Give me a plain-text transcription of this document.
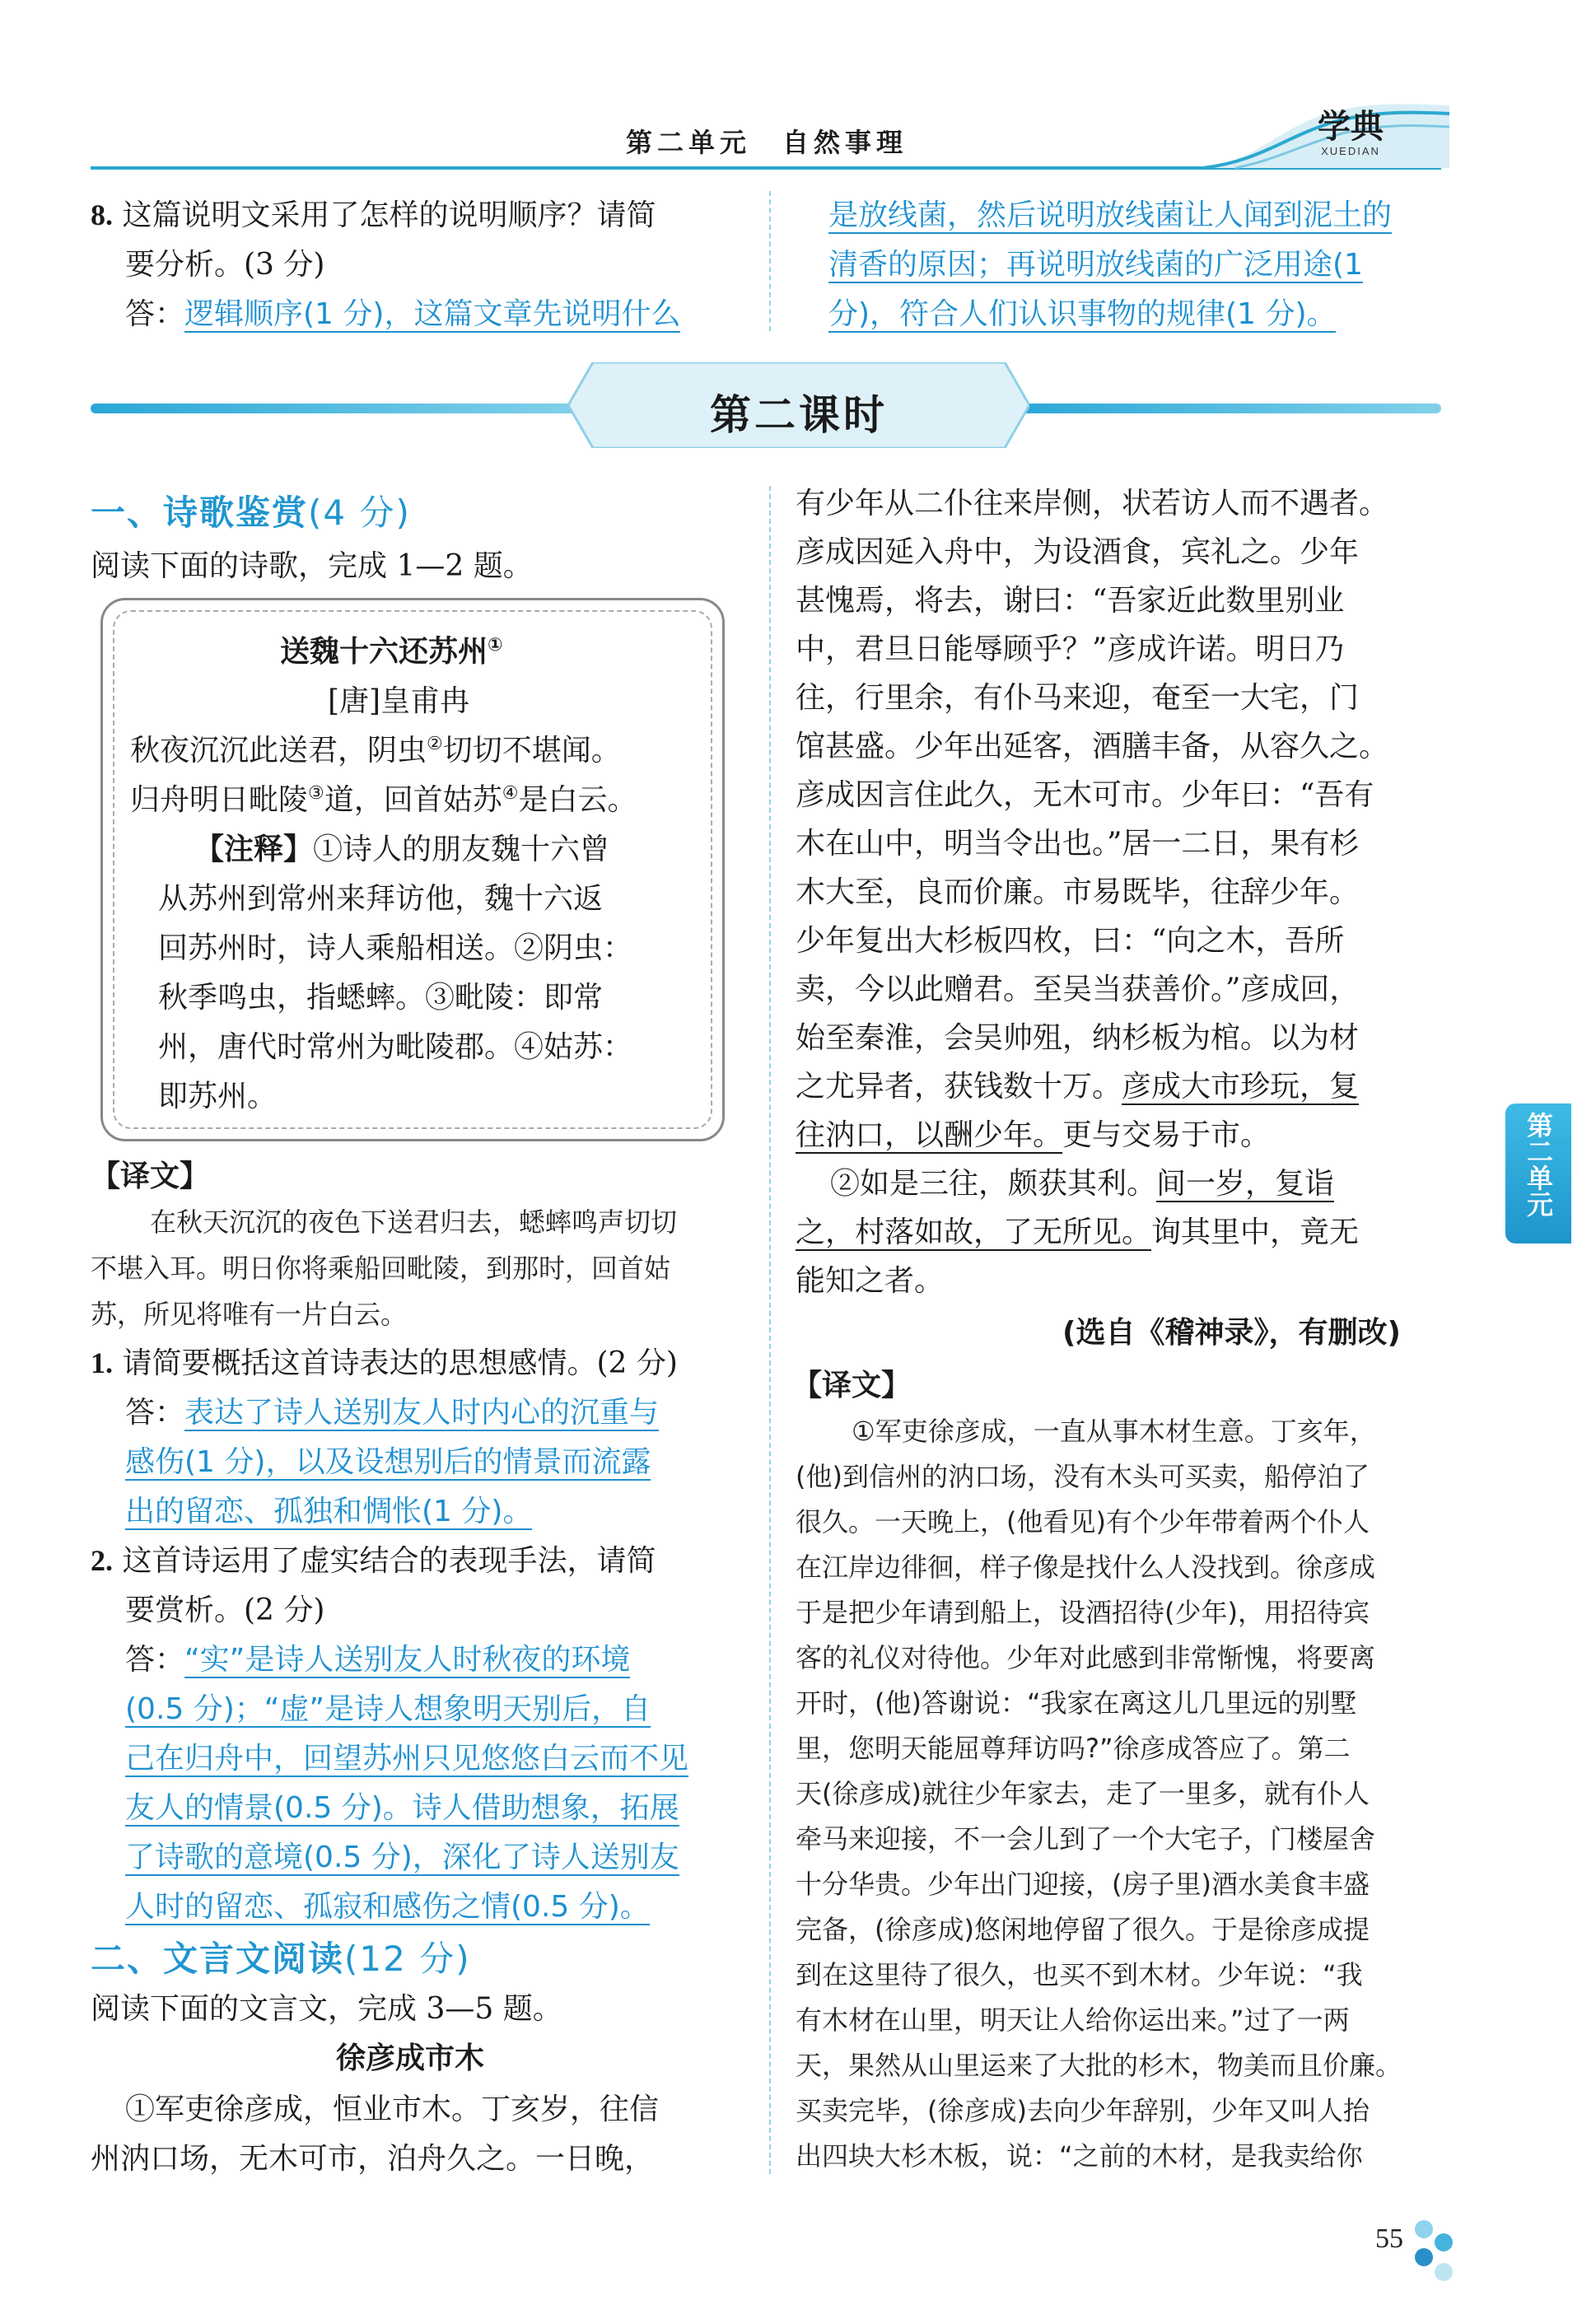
第二单元　自然事理	学典
XUEDIAN
8. 这篇说明文采用了怎样的说明顺序？请简
要分析。(3 分)
答：逻辑顺序(1 分)，这篇文章先说明什么
是放线菌，然后说明放线菌让人闻到泥土的
清香的原因；再说明放线菌的广泛用途(1
分)，符合人们认识事物的规律(1 分)。
第二课时
一、诗歌鉴赏(4 分)
阅读下面的诗歌，完成 1—2 题。
送魏十六还苏州①
[唐]皇甫冉
秋夜沉沉此送君，阴虫②切切不堪闻。
归舟明日毗陵③道，回首姑苏④是白云。
【注释】①诗人的朋友魏十六曾
从苏州到常州来拜访他，魏十六返
回苏州时，诗人乘船相送。②阴虫：
秋季鸣虫，指蟋蟀。③毗陵：即常
州，唐代时常州为毗陵郡。④姑苏：
即苏州。
【译文】
在秋天沉沉的夜色下送君归去，蟋蟀鸣声切切
不堪入耳。明日你将乘船回毗陵，到那时，回首姑
苏，所见将唯有一片白云。
1. 请简要概括这首诗表达的思想感情。(2 分)
答：表达了诗人送别友人时内心的沉重与
感伤(1 分)，以及设想别后的情景而流露
出的留恋、孤独和惆怅(1 分)。
2. 这首诗运用了虚实结合的表现手法，请简
要赏析。(2 分)
答：“实”是诗人送别友人时秋夜的环境
(0.5 分)；“虚”是诗人想象明天别后，自
己在归舟中，回望苏州只见悠悠白云而不见
友人的情景(0.5 分)。诗人借助想象，拓展
了诗歌的意境(0.5 分)，深化了诗人送别友
人时的留恋、孤寂和感伤之情(0.5 分)。
二、文言文阅读(12 分)
阅读下面的文言文，完成 3—5 题。
徐彦成市木
①军吏徐彦成，恒业市木。丁亥岁，往信
州汭口场，无木可市，泊舟久之。一日晚，
有少年从二仆往来岸侧，状若访人而不遇者。
彦成因延入舟中，为设酒食，宾礼之。少年
甚愧焉，将去，谢曰：“吾家近此数里别业
中，君旦日能辱顾乎？”彦成许诺。明日乃
往，行里余，有仆马来迎，奄至一大宅，门
馆甚盛。少年出延客，酒膳丰备，从容久之。
彦成因言住此久，无木可市。少年曰：“吾有
木在山中，明当令出也。”居一二日，果有杉
木大至，良而价廉。市易既毕，往辞少年。
少年复出大杉板四枚，曰：“向之木，吾所
卖，今以此赠君。至吴当获善价。”彦成回，
始至秦淮，会吴帅殂，纳杉板为棺。以为材
之尤异者，获钱数十万。彦成大市珍玩，复
往汭口，以酬少年。更与交易于市。
②如是三往，颇获其利。间一岁，复诣
之，村落如故，了无所见。询其里中，竟无
能知之者。
(选自《稽神录》，有删改)
【译文】
①军吏徐彦成，一直从事木材生意。丁亥年，
(他)到信州的汭口场，没有木头可买卖，船停泊了
很久。一天晚上，(他看见)有个少年带着两个仆人
在江岸边徘徊，样子像是找什么人没找到。徐彦成
于是把少年请到船上，设酒招待(少年)，用招待宾
客的礼仪对待他。少年对此感到非常惭愧，将要离
开时，(他)答谢说：“我家在离这儿几里远的别墅
里，您明天能屈尊拜访吗?”徐彦成答应了。第二
天(徐彦成)就往少年家去，走了一里多，就有仆人
牵马来迎接，不一会儿到了一个大宅子，门楼屋舍
十分华贵。少年出门迎接，(房子里)酒水美食丰盛
完备，(徐彦成)悠闲地停留了很久。于是徐彦成提
到在这里待了很久，也买不到木材。少年说：“我
有木材在山里，明天让人给你运出来。”过了一两
天，果然从山里运来了大批的杉木，物美而且价廉。
买卖完毕，(徐彦成)去向少年辞别，少年又叫人抬
出四块大杉木板，说：“之前的木材，是我卖给你
第二单元
55
